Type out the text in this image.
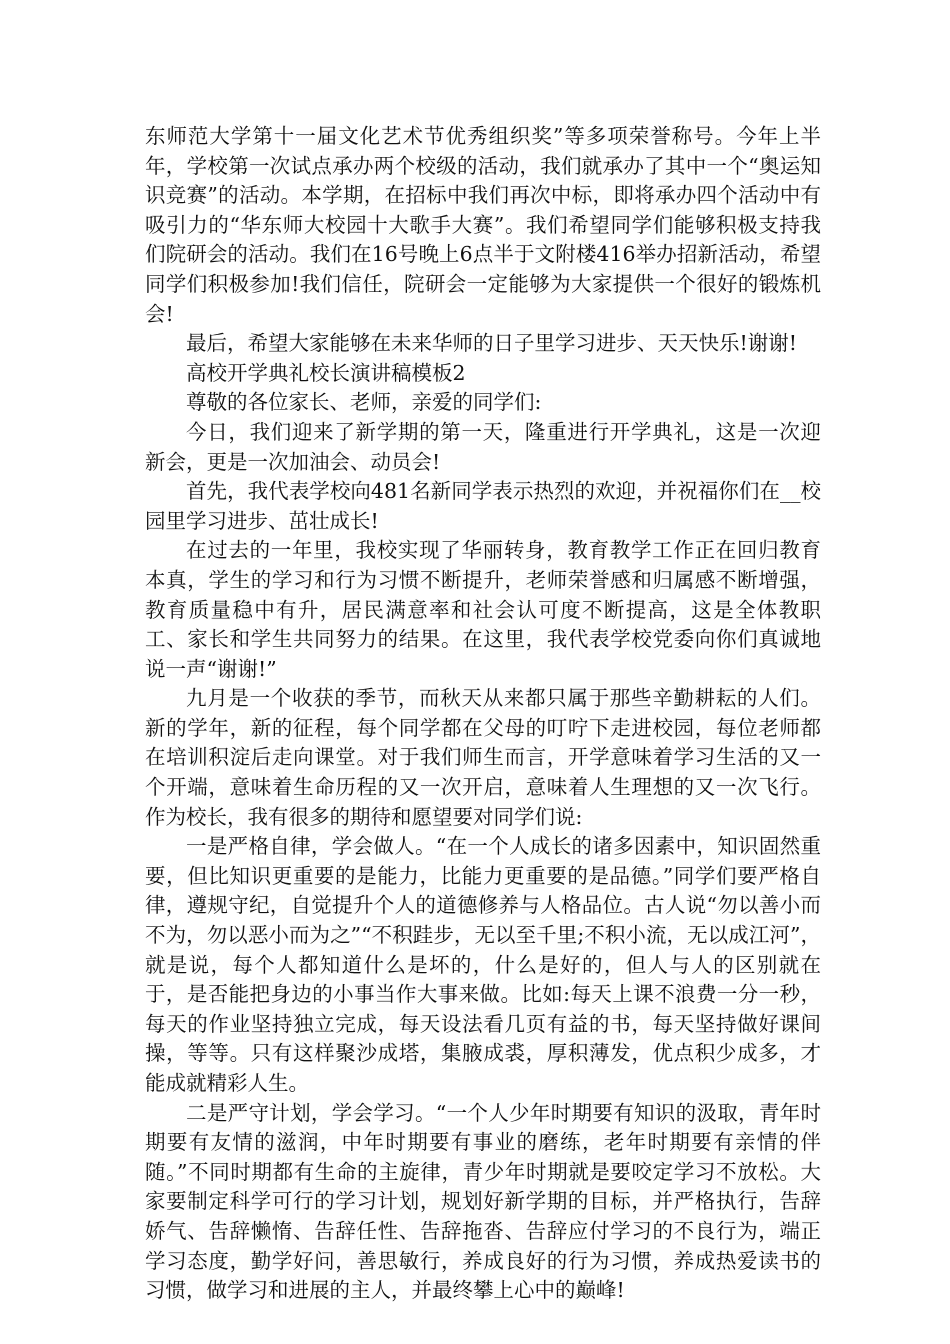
东师范大学第十一届文化艺术节优秀组织奖”等多项荣誉称号。今年上半年，学校第一次试点承办两个校级的活动，我们就承办了其中一个“奥运知识竞赛”的活动。本学期，在招标中我们再次中标，即将承办四个活动中有吸引力的“华东师大校园十大歌手大赛”。我们希望同学们能够积极支持我们院研会的活动。我们在16号晚上6点半于文附楼416举办招新活动，希望同学们积极参加!我们信任，院研会一定能够为大家提供一个很好的锻炼机会!

最后，希望大家能够在未来华师的日子里学习进步、天天快乐!谢谢!

高校开学典礼校长演讲稿模板2

尊敬的各位家长、老师，亲爱的同学们:

今日，我们迎来了新学期的第一天，隆重进行开学典礼，这是一次迎新会，更是一次加油会、动员会!

首先，我代表学校向481名新同学表示热烈的欢迎，并祝福你们在__校园里学习进步、茁壮成长!

在过去的一年里，我校实现了华丽转身，教育教学工作正在回归教育本真，学生的学习和行为习惯不断提升，老师荣誉感和归属感不断增强，教育质量稳中有升，居民满意率和社会认可度不断提高，这是全体教职工、家长和学生共同努力的结果。在这里，我代表学校党委向你们真诚地说一声“谢谢!”

九月是一个收获的季节，而秋天从来都只属于那些辛勤耕耘的人们。新的学年，新的征程，每个同学都在父母的叮咛下走进校园，每位老师都在培训积淀后走向课堂。对于我们师生而言，开学意味着学习生活的又一个开端，意味着生命历程的又一次开启，意味着人生理想的又一次飞行。作为校长，我有很多的期待和愿望要对同学们说:

一是严格自律，学会做人。“在一个人成长的诸多因素中，知识固然重要，但比知识更重要的是能力，比能力更重要的是品德。”同学们要严格自律，遵规守纪，自觉提升个人的道德修养与人格品位。古人说“勿以善小而不为，勿以恶小而为之”“不积跬步，无以至千里;不积小流，无以成江河”，就是说，每个人都知道什么是坏的，什么是好的，但人与人的区别就在于，是否能把身边的小事当作大事来做。比如:每天上课不浪费一分一秒，每天的作业坚持独立完成，每天设法看几页有益的书，每天坚持做好课间操，等等。只有这样聚沙成塔，集腋成裘，厚积薄发，优点积少成多，才能成就精彩人生。

二是严守计划，学会学习。“一个人少年时期要有知识的汲取，青年时期要有友情的滋润，中年时期要有事业的磨练，老年时期要有亲情的伴随。”不同时期都有生命的主旋律，青少年时期就是要咬定学习不放松。大家要制定科学可行的学习计划，规划好新学期的目标，并严格执行，告辞娇气、告辞懒惰、告辞任性、告辞拖沓、告辞应付学习的不良行为，端正学习态度，勤学好问，善思敏行，养成良好的行为习惯，养成热爱读书的习惯，做学习和进展的主人，并最终攀上心中的巅峰!
